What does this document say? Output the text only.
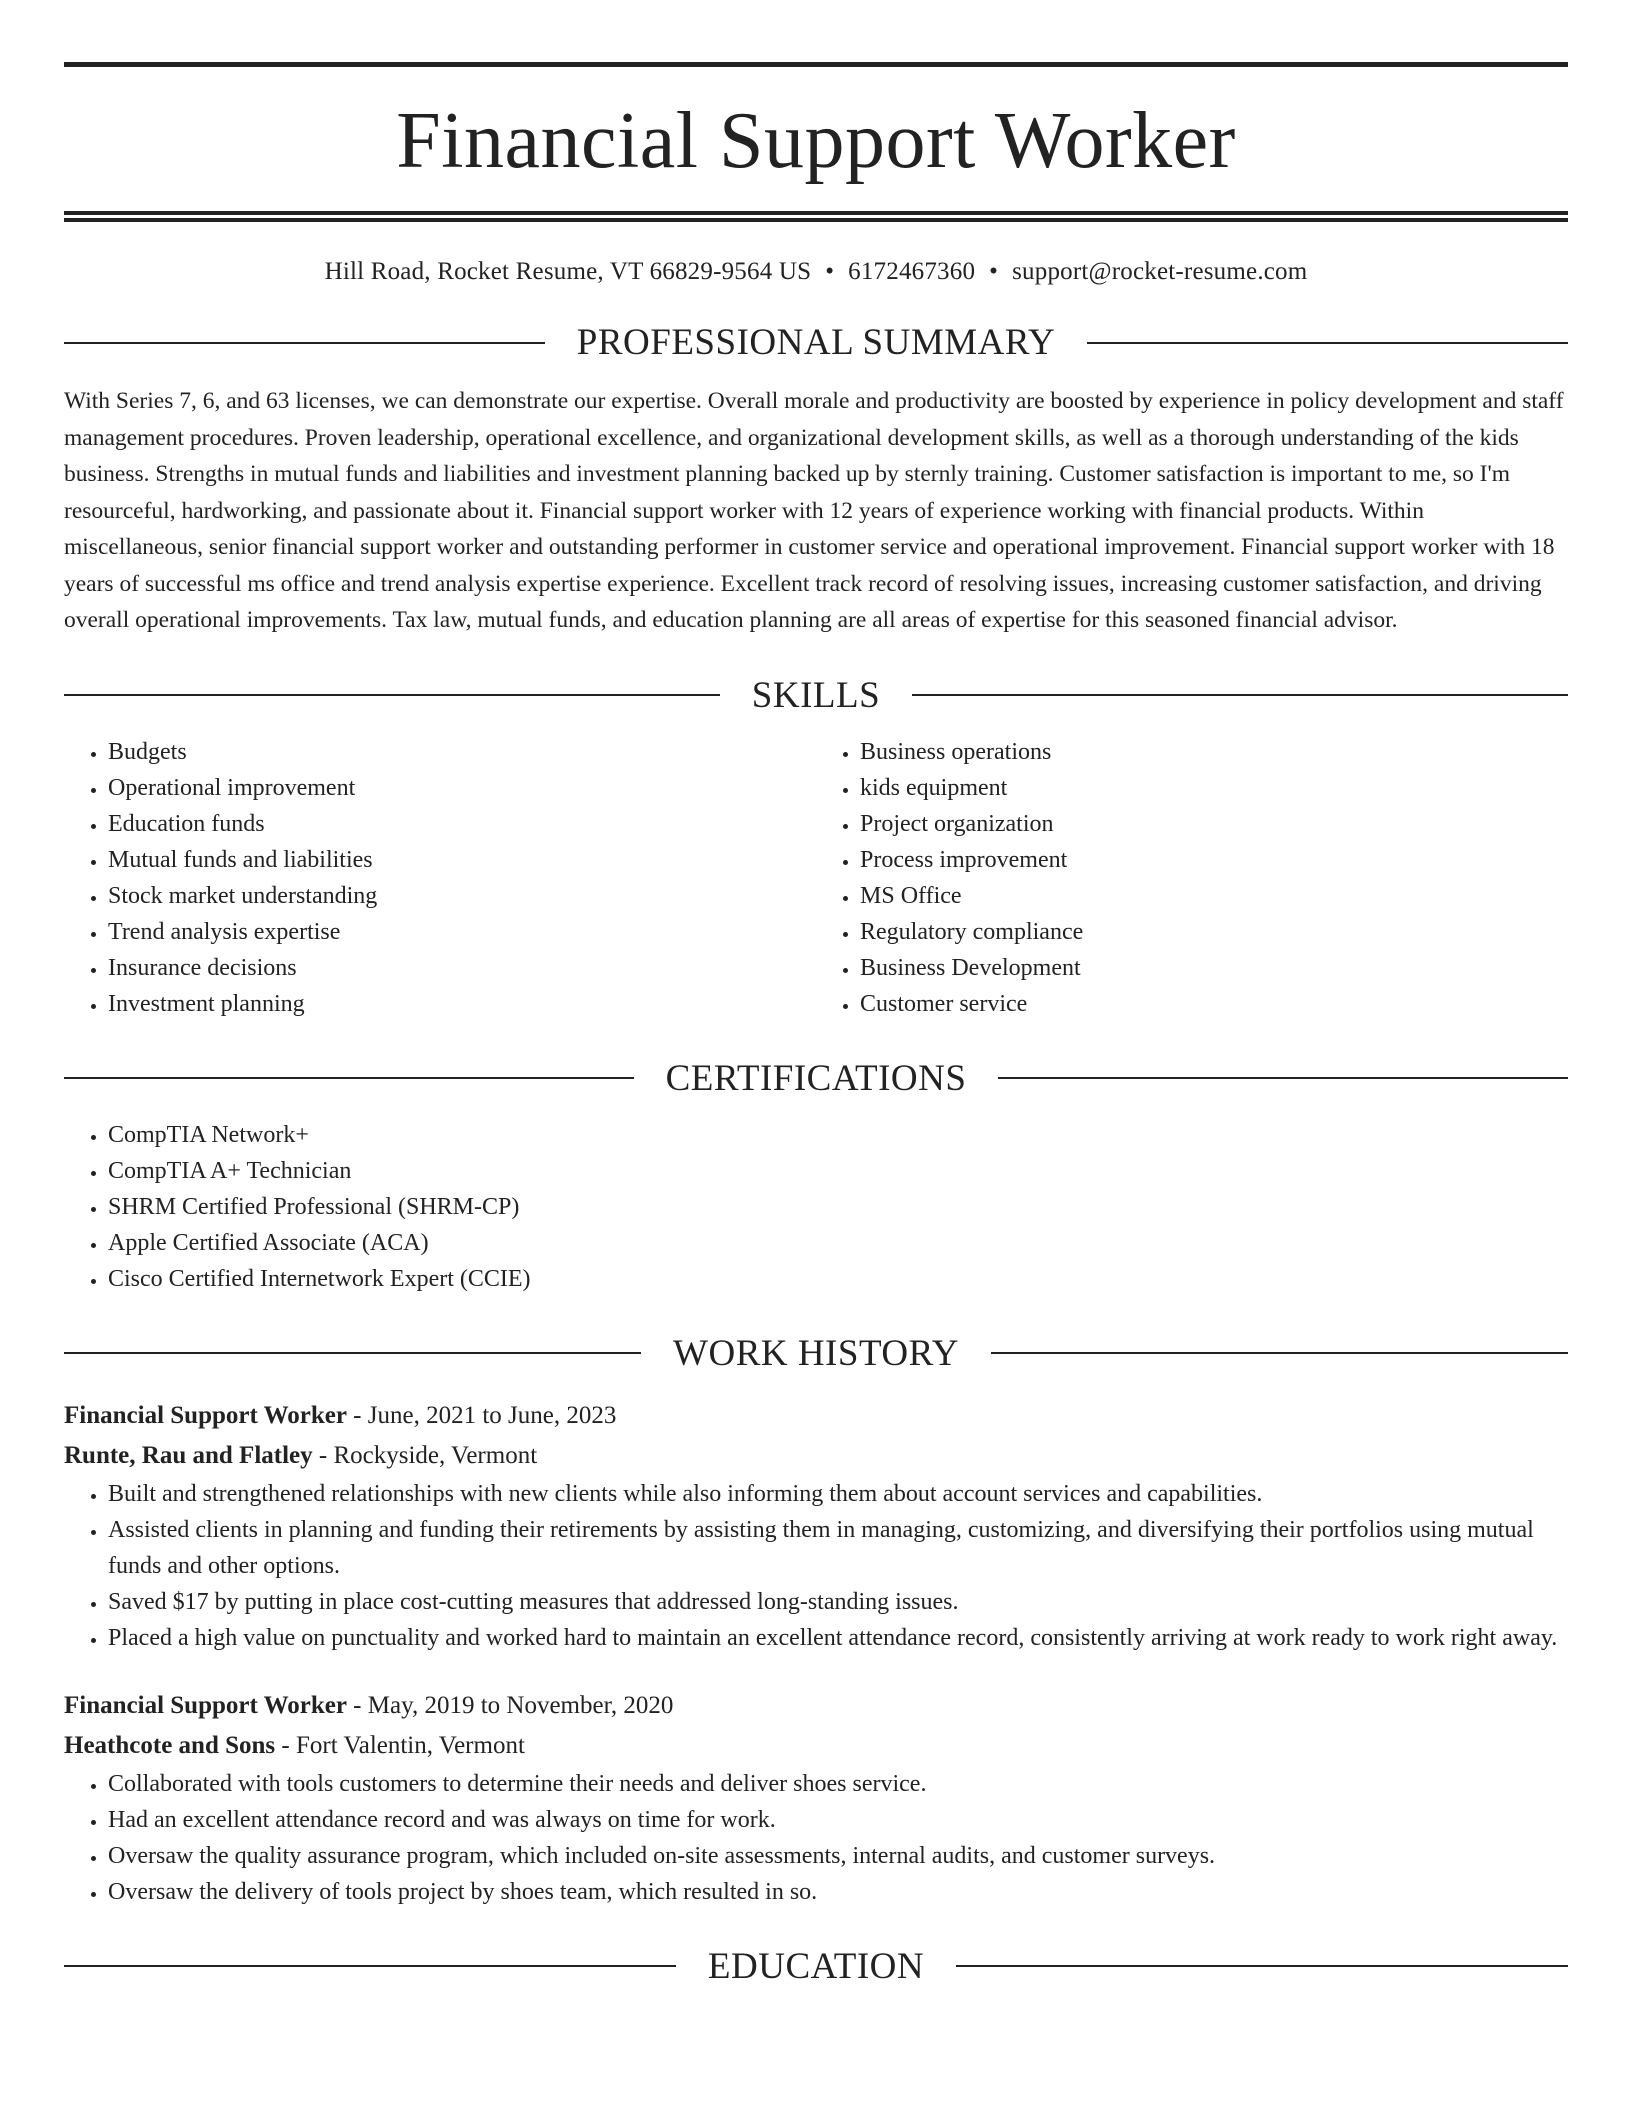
Financial Support Worker
Hill Road, Rocket Resume, VT 66829-9564 US • 6172467360 • support@rocket-resume.com
PROFESSIONAL SUMMARY
With Series 7, 6, and 63 licenses, we can demonstrate our expertise. Overall morale and productivity are boosted by experience in policy development and staff management procedures. Proven leadership, operational excellence, and organizational development skills, as well as a thorough understanding of the kids business. Strengths in mutual funds and liabilities and investment planning backed up by sternly training. Customer satisfaction is important to me, so I'm resourceful, hardworking, and passionate about it. Financial support worker with 12 years of experience working with financial products. Within miscellaneous, senior financial support worker and outstanding performer in customer service and operational improvement. Financial support worker with 18 years of successful ms office and trend analysis expertise experience. Excellent track record of resolving issues, increasing customer satisfaction, and driving overall operational improvements. Tax law, mutual funds, and education planning are all areas of expertise for this seasoned financial advisor.
SKILLS
• Budgets
• Operational improvement
• Education funds
• Mutual funds and liabilities
• Stock market understanding
• Trend analysis expertise
• Insurance decisions
• Investment planning
• Business operations
• kids equipment
• Project organization
• Process improvement
• MS Office
• Regulatory compliance
• Business Development
• Customer service
CERTIFICATIONS
• CompTIA Network+
• CompTIA A+ Technician
• SHRM Certified Professional (SHRM-CP)
• Apple Certified Associate (ACA)
• Cisco Certified Internetwork Expert (CCIE)
WORK HISTORY
Financial Support Worker - June, 2021 to June, 2023
Runte, Rau and Flatley - Rockyside, Vermont
• Built and strengthened relationships with new clients while also informing them about account services and capabilities.
• Assisted clients in planning and funding their retirements by assisting them in managing, customizing, and diversifying their portfolios using mutual funds and other options.
• Saved $17 by putting in place cost-cutting measures that addressed long-standing issues.
• Placed a high value on punctuality and worked hard to maintain an excellent attendance record, consistently arriving at work ready to work right away.
Financial Support Worker - May, 2019 to November, 2020
Heathcote and Sons - Fort Valentin, Vermont
• Collaborated with tools customers to determine their needs and deliver shoes service.
• Had an excellent attendance record and was always on time for work.
• Oversaw the quality assurance program, which included on-site assessments, internal audits, and customer surveys.
• Oversaw the delivery of tools project by shoes team, which resulted in so.
EDUCATION
